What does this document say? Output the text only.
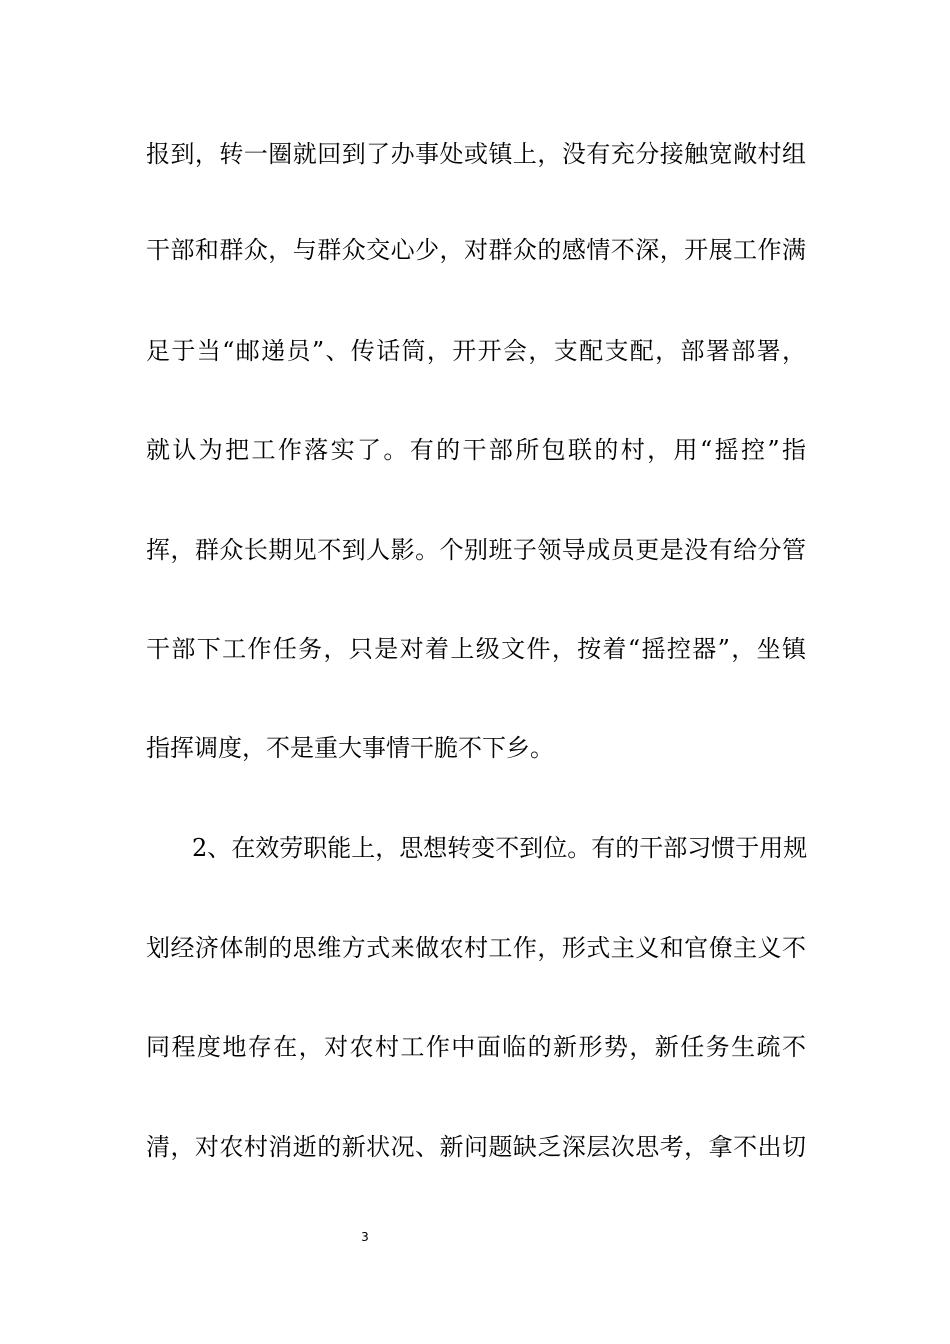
报到，转一圈就回到了办事处或镇上，没有充分接触宽敞村组
干部和群众，与群众交心少，对群众的感情不深，开展工作满
足于当“邮递员”、传话筒，开开会，支配支配，部署部署，
就认为把工作落实了。有的干部所包联的村，用“摇控”指
挥，群众长期见不到人影。个别班子领导成员更是没有给分管
干部下工作任务，只是对着上级文件，按着“摇控器”，坐镇
指挥调度，不是重大事情干脆不下乡。
2、在效劳职能上，思想转变不到位。有的干部习惯于用规
划经济体制的思维方式来做农村工作，形式主义和官僚主义不
同程度地存在，对农村工作中面临的新形势，新任务生疏不
清，对农村消逝的新状况、新问题缺乏深层次思考，拿不出切
3
